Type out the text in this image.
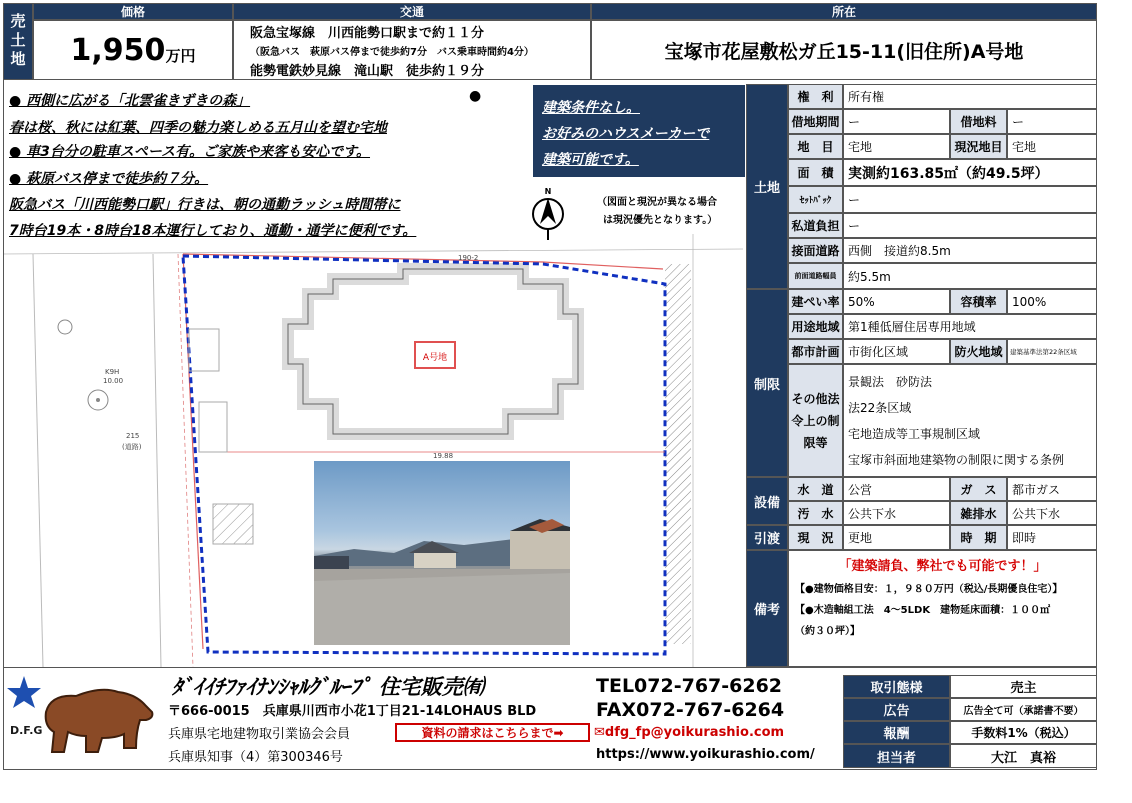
売土地
価格
1,950 万円
交通
阪急宝塚線　川西能勢口駅まで約１１分
（阪急バス　萩原バス停まで徒歩約7分　バス乗車時間約4分）
能勢電鉄妙見線　滝山駅　徒歩約１９分
所在
宝塚市花屋敷松ガ丘15-11(旧住所)A号地
A号地
19.88
190-2
K9H
10.00
215
(道路)
N
（図面と現況が異なる場合
は現況優先となります。）
建築条件なし。
お好みのハウスメーカーで
建築可能です。
● 西側に広がる「北雲雀きずきの森」	●
春は桜、秋には紅葉、四季の魅力楽しめる五月山を望む宅地
● 車3台分の駐車スペース有。ご家族や来客も安心です。
● 萩原バス停まで徒歩約７分。
阪急バス「川西能勢口駅」行きは、朝の通勤ラッシュ時間帯に
7時台19本・8時台18本運行しており、通勤・通学に便利です。
土地
権　利	所有権
借地期間 ー	借地料	ー
地　目	宅地	現況地目 宅地
面　積	実測約163.85㎡（約49.5坪）
ｾｯﾄﾊﾞｯｸ	ー
私道負担 ー
接面道路 西側　接道約8.5m
前面道路幅員 約5.5m
制限
建ぺい率 50%	容積率	100%
用途地域 第1種低層住居専用地域
都市計画 市街化区域	防火地域	建築基準法第22条区域
その他法令上の制限等
景観法　砂防法
法22条区域
宅地造成等工事規制区域
宝塚市斜面地建築物の制限に関する条例
設備
水　道	公営	ガ　ス	都市ガス
汚　水	公共下水	雑排水	公共下水
引渡	現　況	更地	時　期	即時
備考
「建築請負、弊社でも可能です！」
【●建物価格目安：１，９８０万円（税込/長期優良住宅）】
【●木造軸組工法　4～5LDK　建物延床面積：１００㎡
（約３０坪）】
D.F.G
ﾀﾞｲｲﾁﾌｧｲﾅﾝｼｬﾙｸﾞﾙｰﾌﾟ 住宅販売㈲
〒666-0015　兵庫県川西市小花1丁目21-14LOHAUS BLD
兵庫県宅地建物取引業協会会員
兵庫県知事（4）第300346号
資料の請求はこちらまで➡
TEL072-767-6262
FAX072-767-6264
✉dfg_fp@yoikurashio.com
https://www.yoikurashio.com/
取引態様	売主
広告	広告全て可（承諾書不要）
報酬	手数料1%（税込）
担当者	大江　真裕
